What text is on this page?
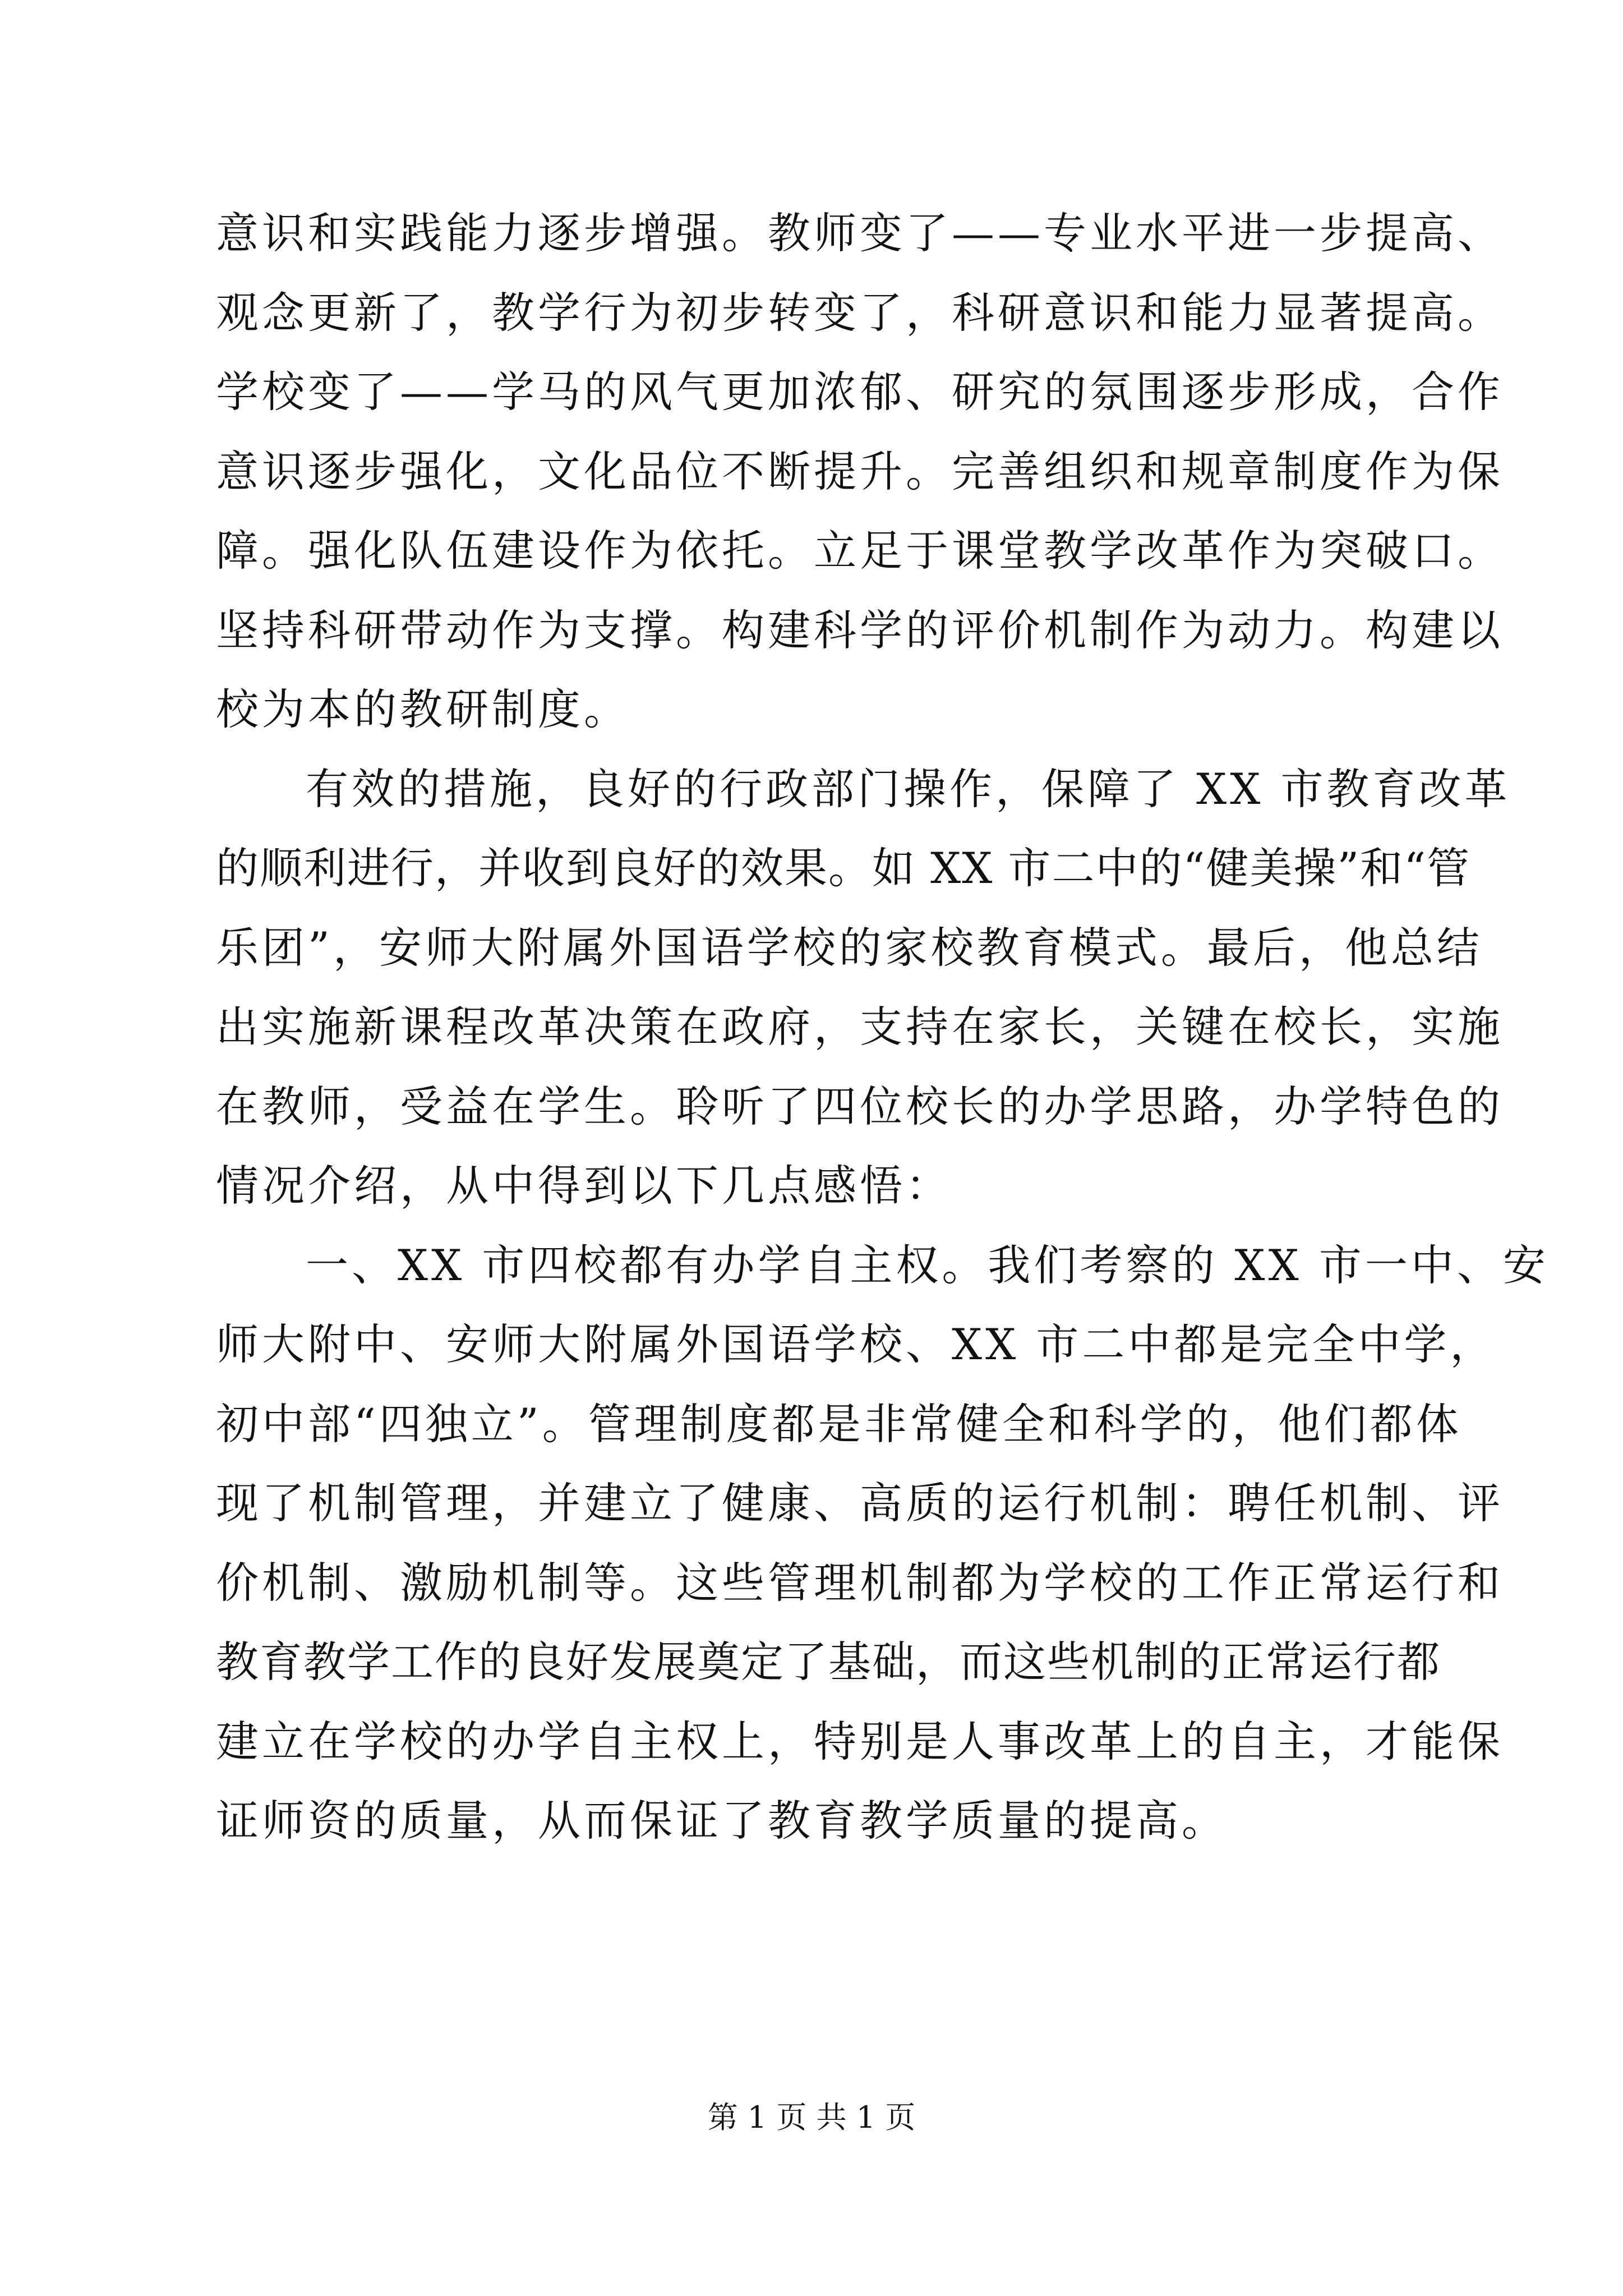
意识和实践能力逐步增强。教师变了——专业水平进一步提高、
观念更新了，教学行为初步转变了，科研意识和能力显著提高。
学校变了——学马的风气更加浓郁、研究的氛围逐步形成，合作
意识逐步强化，文化品位不断提升。完善组织和规章制度作为保
障。强化队伍建设作为依托。立足于课堂教学改革作为突破口。
坚持科研带动作为支撑。构建科学的评价机制作为动力。构建以
校为本的教研制度。
有效的措施，良好的行政部门操作，保障了 XX 市教育改革
的顺利进行，并收到良好的效果。如 XX 市二中的“健美操”和“管
乐团”，安师大附属外国语学校的家校教育模式。最后，他总结
出实施新课程改革决策在政府，支持在家长，关键在校长，实施
在教师，受益在学生。聆听了四位校长的办学思路，办学特色的
情况介绍，从中得到以下几点感悟：
一、XX 市四校都有办学自主权。我们考察的 XX 市一中、安
师大附中、安师大附属外国语学校、XX 市二中都是完全中学，
初中部“四独立”。管理制度都是非常健全和科学的，他们都体
现了机制管理，并建立了健康、高质的运行机制：聘任机制、评
价机制、激励机制等。这些管理机制都为学校的工作正常运行和
教育教学工作的良好发展奠定了基础，而这些机制的正常运行都
建立在学校的办学自主权上，特别是人事改革上的自主，才能保
证师资的质量，从而保证了教育教学质量的提高。
第 1 页 共 1 页
